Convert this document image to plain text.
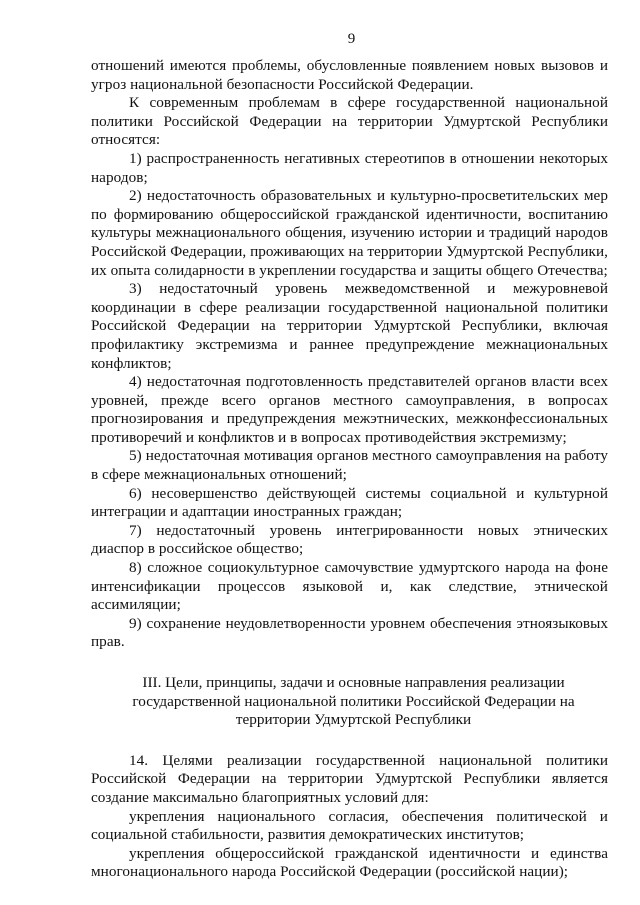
9

отношений имеются проблемы, обусловленные появлением новых вызовов и угроз национальной безопасности Российской Федерации.

К современным проблемам в сфере государственной национальной политики Российской Федерации на территории Удмуртской Республики относятся:

1) распространенность негативных стереотипов в отношении некоторых народов;

2) недостаточность образовательных и культурно-просветительских мер по формированию общероссийской гражданской идентичности, воспитанию культуры межнационального общения, изучению истории и традиций народов Российской Федерации, проживающих на территории Удмуртской Республики, их опыта солидарности в укреплении государства и защиты общего Отечества;

3) недостаточный уровень межведомственной и межуровневой координации в сфере реализации государственной национальной политики Российской Федерации на территории Удмуртской Республики, включая профилактику экстремизма и раннее предупреждение межнациональных конфликтов;

4) недостаточная подготовленность представителей органов власти всех уровней, прежде всего органов местного самоуправления, в вопросах прогнозирования и предупреждения межэтнических, межконфессиональных противоречий и конфликтов и в вопросах противодействия экстремизму;

5) недостаточная мотивация органов местного самоуправления на работу в сфере межнациональных отношений;

6) несовершенство действующей системы социальной и культурной интеграции и адаптации иностранных граждан;

7) недостаточный уровень интегрированности новых этнических диаспор в российское общество;

8) сложное социокультурное самочувствие удмуртского народа на фоне интенсификации процессов языковой и, как следствие, этнической ассимиляции;

9) сохранение неудовлетворенности уровнем обеспечения этноязыковых прав.

III. Цели, принципы, задачи и основные направления реализации
государственной национальной политики Российской Федерации на
территории Удмуртской Республики

14. Целями реализации государственной национальной политики Российской Федерации на территории Удмуртской Республики является создание максимально благоприятных условий для:

укрепления национального согласия, обеспечения политической и социальной стабильности, развития демократических институтов;

укрепления общероссийской гражданской идентичности и единства многонационального народа Российской Федерации (российской нации);
